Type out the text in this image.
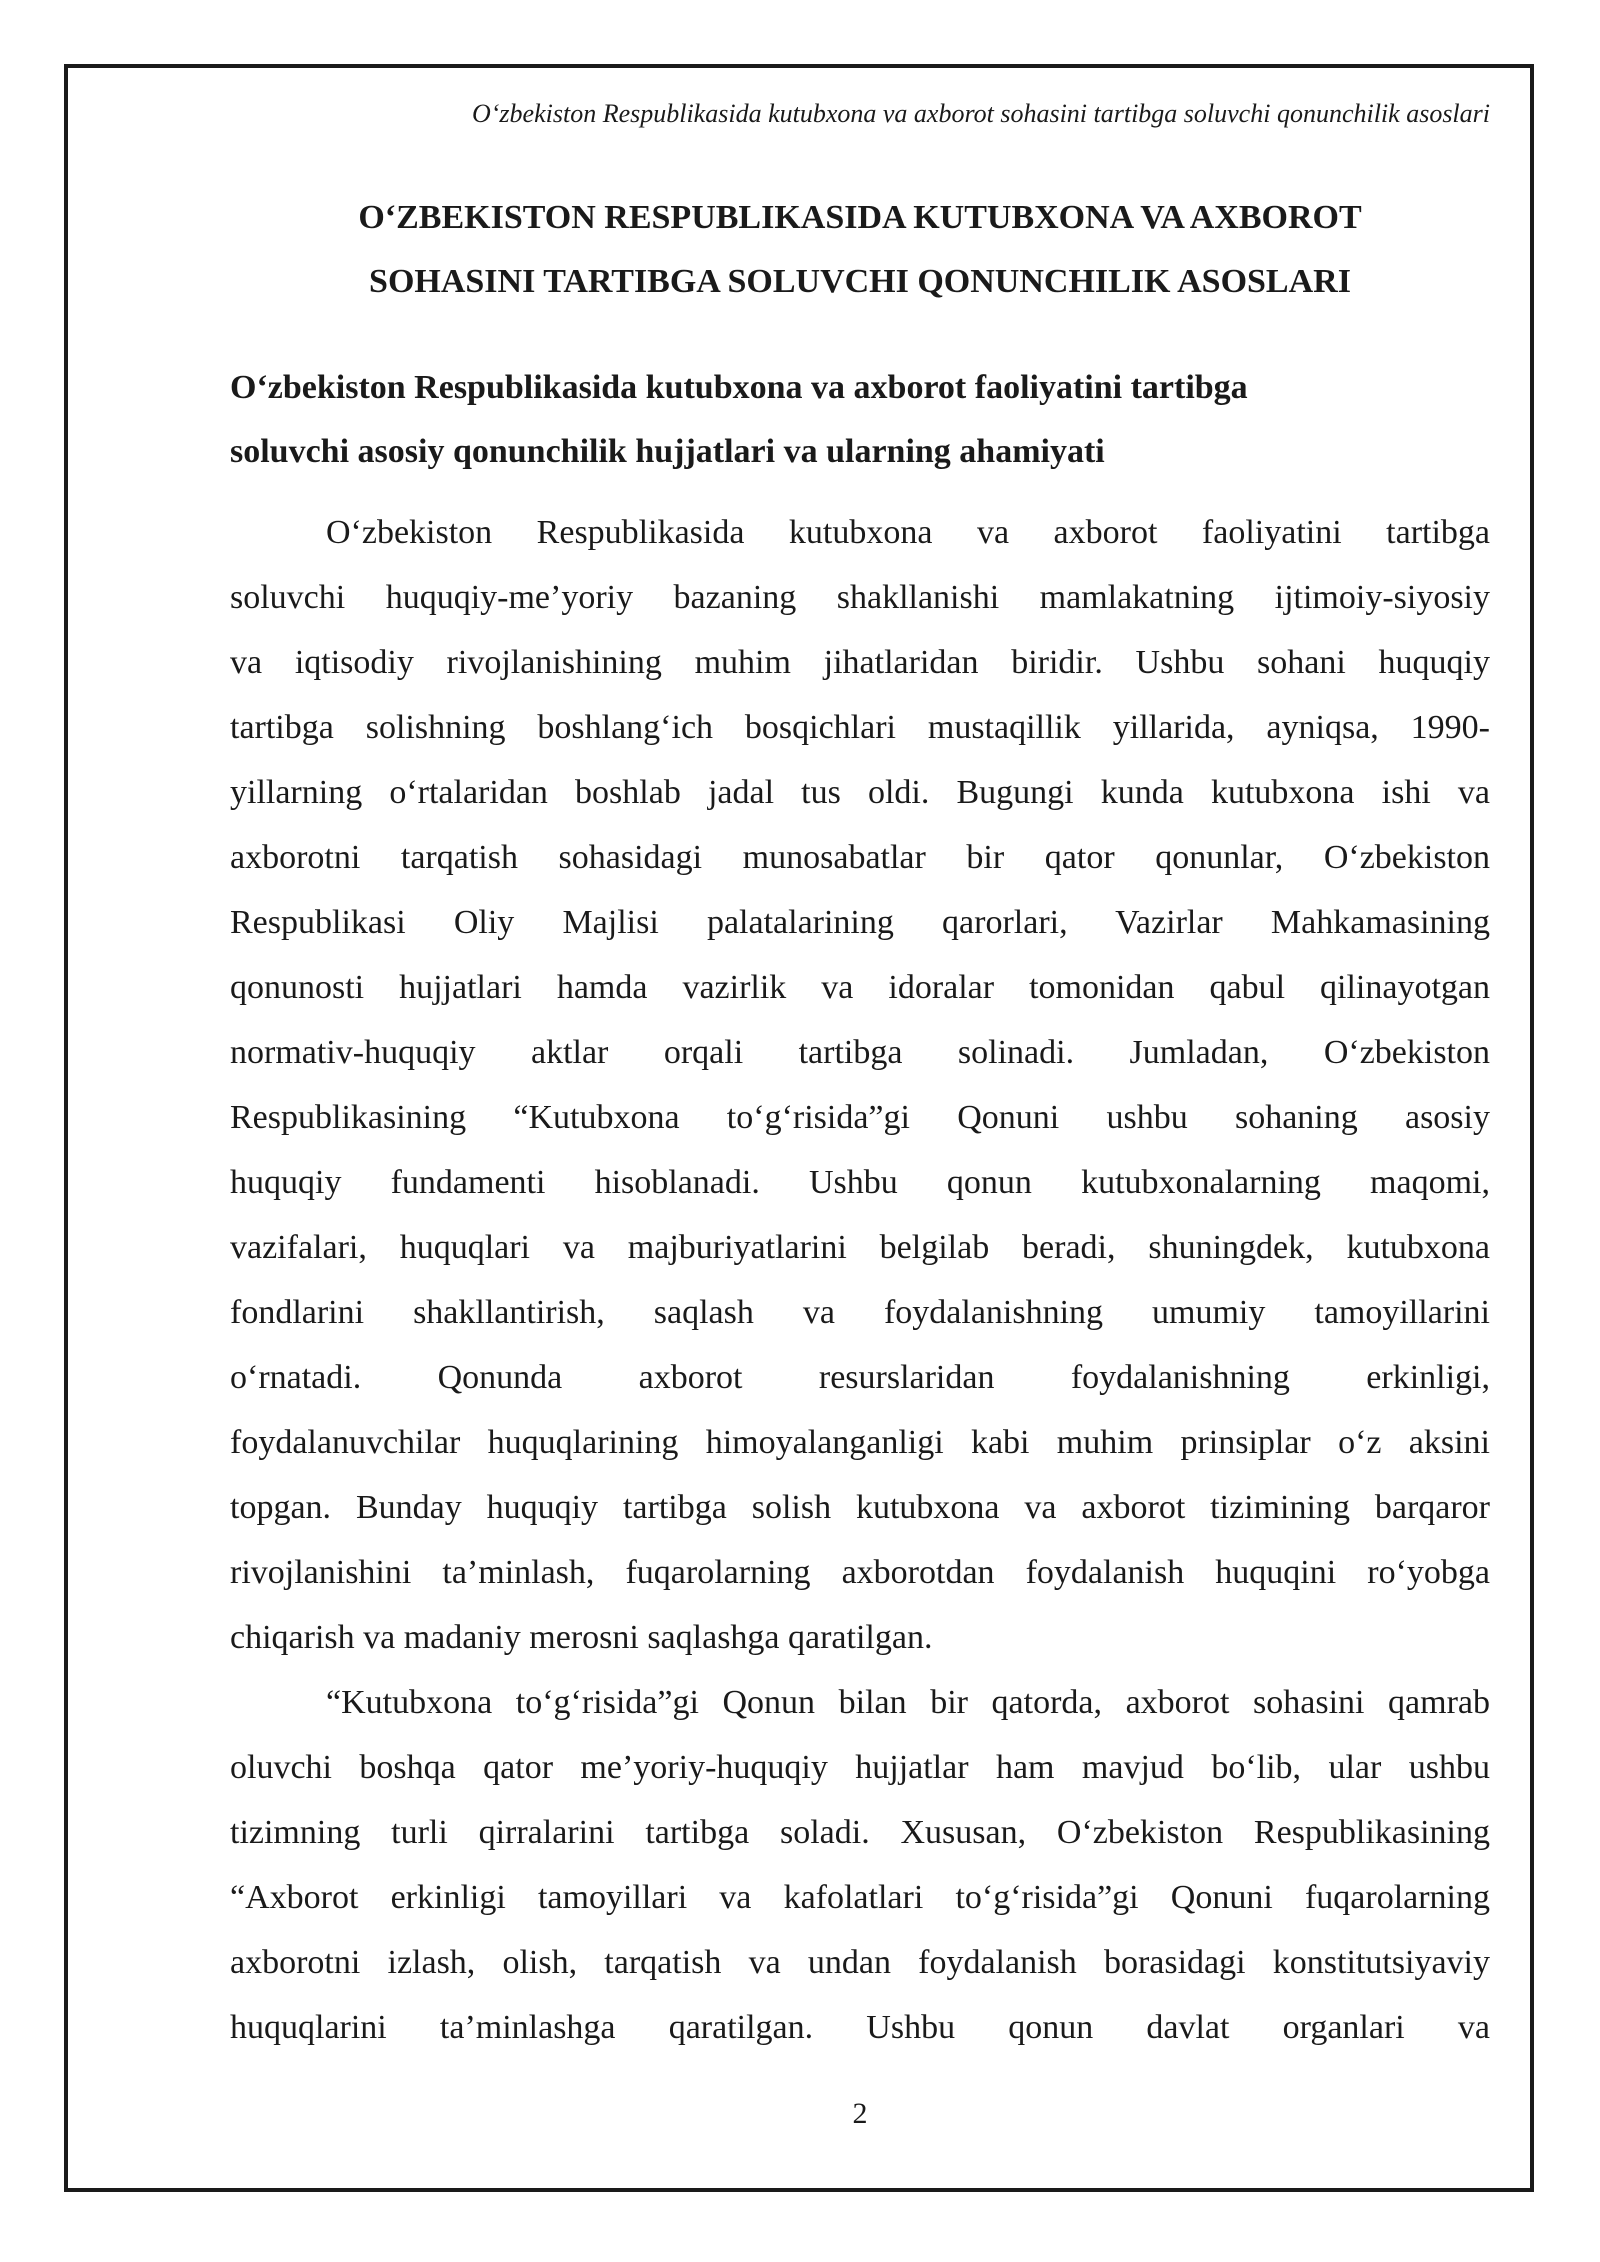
O‘zbekiston Respublikasida kutubxona va axborot sohasini tartibga soluvchi qonunchilik asoslari
O‘ZBEKISTON RESPUBLIKASIDA KUTUBXONA VA AXBOROT
SOHASINI TARTIBGA SOLUVCHI QONUNCHILIK ASOSLARI
O‘zbekiston Respublikasida kutubxona va axborot faoliyatini tartibga
soluvchi asosiy qonunchilik hujjatlari va ularning ahamiyati
O‘zbekiston Respublikasida kutubxona va axborot faoliyatini tartibga
soluvchi huquqiy-me’yoriy bazaning shakllanishi mamlakatning ijtimoiy-siyosiy
va iqtisodiy rivojlanishining muhim jihatlaridan biridir. Ushbu sohani huquqiy
tartibga solishning boshlang‘ich bosqichlari mustaqillik yillarida, ayniqsa, 1990-
yillarning o‘rtalaridan boshlab jadal tus oldi. Bugungi kunda kutubxona ishi va
axborotni tarqatish sohasidagi munosabatlar bir qator qonunlar, O‘zbekiston
Respublikasi Oliy Majlisi palatalarining qarorlari, Vazirlar Mahkamasining
qonunosti hujjatlari hamda vazirlik va idoralar tomonidan qabul qilinayotgan
normativ-huquqiy aktlar orqali tartibga solinadi. Jumladan, O‘zbekiston
Respublikasining “Kutubxona to‘g‘risida”gi Qonuni ushbu sohaning asosiy
huquqiy fundamenti hisoblanadi. Ushbu qonun kutubxonalarning maqomi,
vazifalari, huquqlari va majburiyatlarini belgilab beradi, shuningdek, kutubxona
fondlarini shakllantirish, saqlash va foydalanishning umumiy tamoyillarini
o‘rnatadi. Qonunda axborot resurslaridan foydalanishning erkinligi,
foydalanuvchilar huquqlarining himoyalanganligi kabi muhim prinsiplar o‘z aksini
topgan. Bunday huquqiy tartibga solish kutubxona va axborot tizimining barqaror
rivojlanishini ta’minlash, fuqarolarning axborotdan foydalanish huquqini ro‘yobga
chiqarish va madaniy merosni saqlashga qaratilgan.
“Kutubxona to‘g‘risida”gi Qonun bilan bir qatorda, axborot sohasini qamrab
oluvchi boshqa qator me’yoriy-huquqiy hujjatlar ham mavjud bo‘lib, ular ushbu
tizimning turli qirralarini tartibga soladi. Xususan, O‘zbekiston Respublikasining
“Axborot erkinligi tamoyillari va kafolatlari to‘g‘risida”gi Qonuni fuqarolarning
axborotni izlash, olish, tarqatish va undan foydalanish borasidagi konstitutsiyaviy
huquqlarini ta’minlashga qaratilgan. Ushbu qonun davlat organlari va
2
